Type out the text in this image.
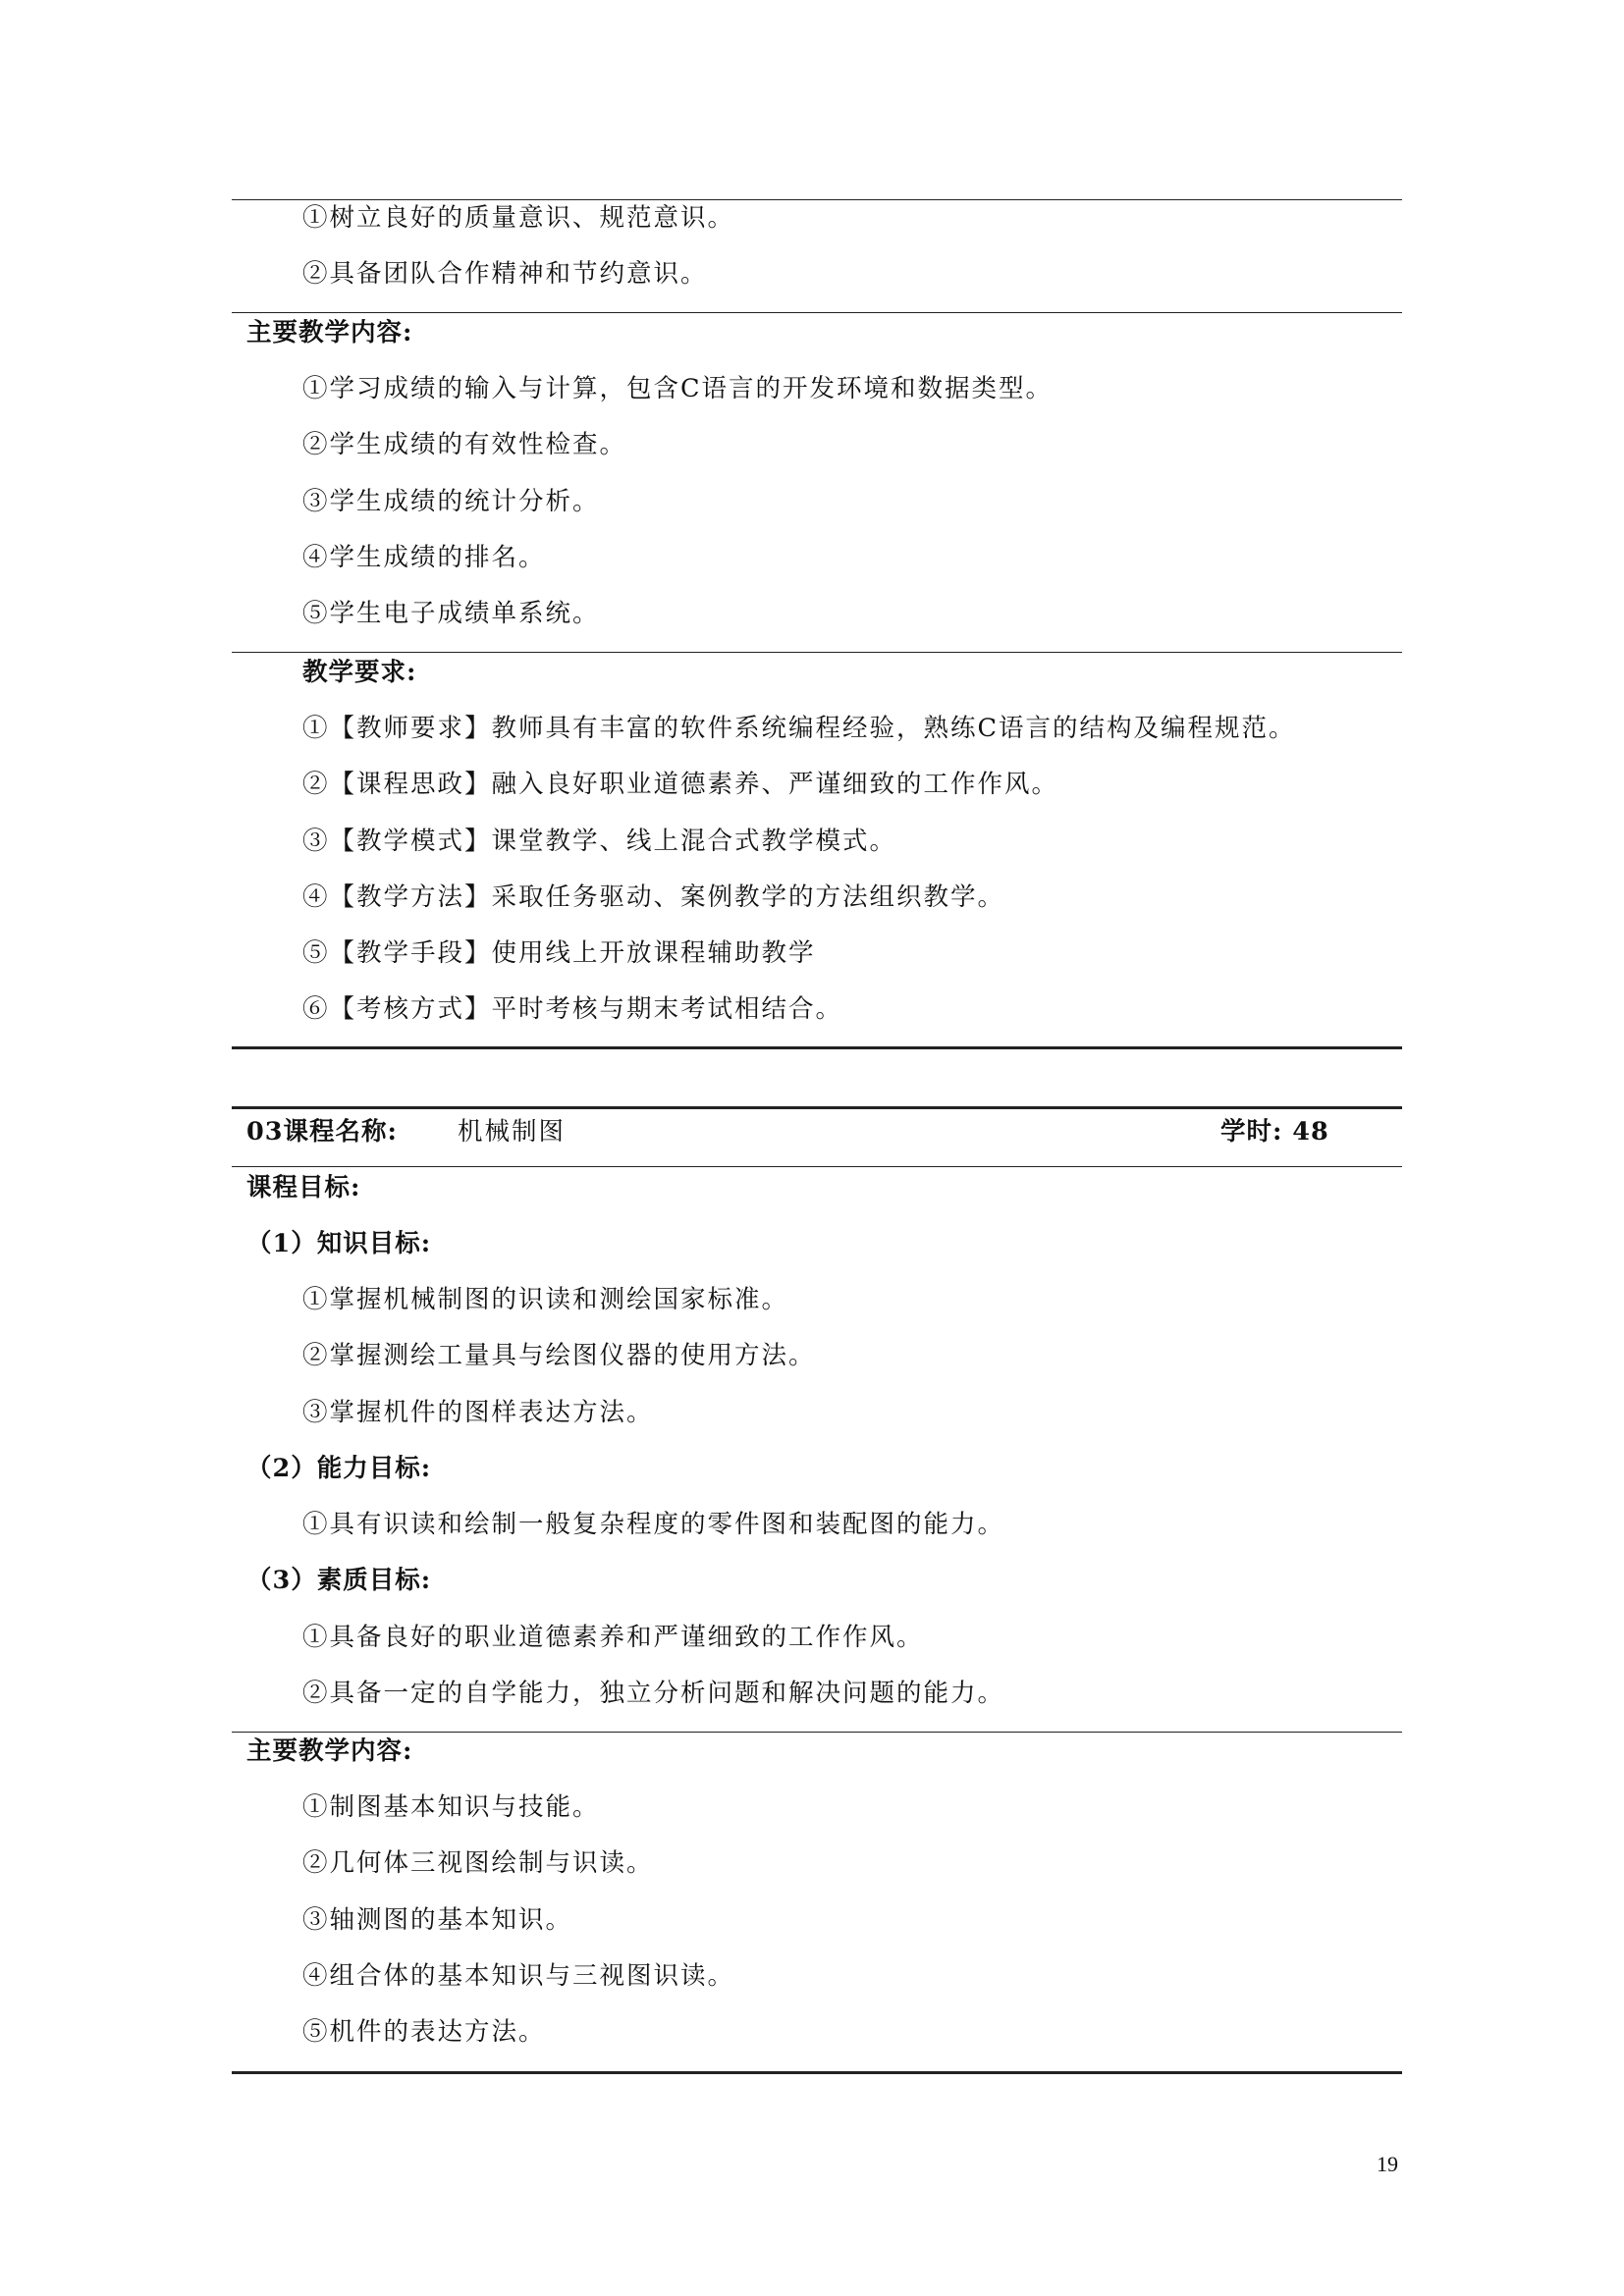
①树立良好的质量意识、规范意识。
②具备团队合作精神和节约意识。
主要教学内容:
①学习成绩的输入与计算，包含C语言的开发环境和数据类型。
②学生成绩的有效性检查。
③学生成绩的统计分析。
④学生成绩的排名。
⑤学生电子成绩单系统。
教学要求:
①【教师要求】教师具有丰富的软件系统编程经验，熟练C语言的结构及编程规范。
②【课程思政】融入良好职业道德素养、严谨细致的工作作风。
③【教学模式】课堂教学、线上混合式教学模式。
④【教学方法】采取任务驱动、案例教学的方法组织教学。
⑤【教学手段】使用线上开放课程辅助教学
⑥【考核方式】平时考核与期末考试相结合。
03课程名称: 机械制图	学时: 48
课程目标:
（1）知识目标:
①掌握机械制图的识读和测绘国家标准。
②掌握测绘工量具与绘图仪器的使用方法。
③掌握机件的图样表达方法。
（2）能力目标:
①具有识读和绘制一般复杂程度的零件图和装配图的能力。
（3）素质目标:
①具备良好的职业道德素养和严谨细致的工作作风。
②具备一定的自学能力，独立分析问题和解决问题的能力。
主要教学内容:
①制图基本知识与技能。
②几何体三视图绘制与识读。
③轴测图的基本知识。
④组合体的基本知识与三视图识读。
⑤机件的表达方法。
19
